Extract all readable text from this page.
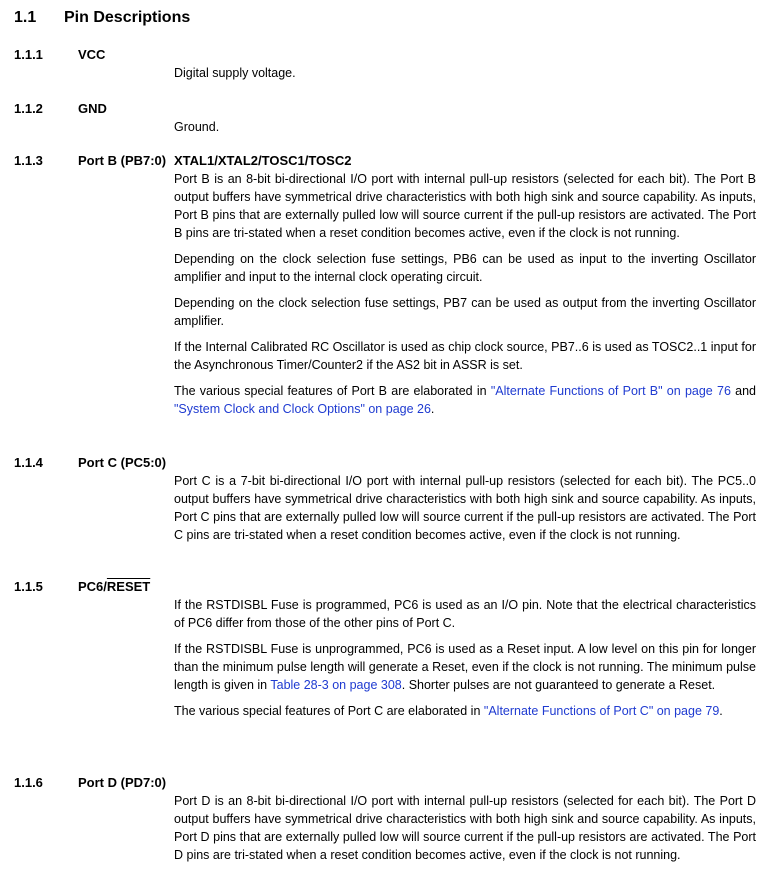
1.1 Pin Descriptions
1.1.1	VCC

Digital supply voltage.

1.1.2	GND

Ground.

1.1.3	Port B (PB7:0) XTAL1/XTAL2/TOSC1/TOSC2

Port B is an 8-bit bi-directional I/O port with internal pull-up resistors (selected for each bit). The Port B output buffers have symmetrical drive characteristics with both high sink and source capability. As inputs, Port B pins that are externally pulled low will source current if the pull-up resistors are activated. The Port B pins are tri-stated when a reset condition becomes active, even if the clock is not running.

Depending on the clock selection fuse settings, PB6 can be used as input to the inverting Oscillator amplifier and input to the internal clock operating circuit.

Depending on the clock selection fuse settings, PB7 can be used as output from the inverting Oscillator amplifier.

If the Internal Calibrated RC Oscillator is used as chip clock source, PB7..6 is used as TOSC2..1 input for the Asynchronous Timer/Counter2 if the AS2 bit in ASSR is set.

The various special features of Port B are elaborated in "Alternate Functions of Port B" on page 76 and "System Clock and Clock Options" on page 26.

1.1.4	Port C (PC5:0)

Port C is a 7-bit bi-directional I/O port with internal pull-up resistors (selected for each bit). The PC5..0 output buffers have symmetrical drive characteristics with both high sink and source capability. As inputs, Port C pins that are externally pulled low will source current if the pull-up resistors are activated. The Port C pins are tri-stated when a reset condition becomes active, even if the clock is not running.

1.1.5	PC6/RESET

If the RSTDISBL Fuse is programmed, PC6 is used as an I/O pin. Note that the electrical characteristics of PC6 differ from those of the other pins of Port C.

If the RSTDISBL Fuse is unprogrammed, PC6 is used as a Reset input. A low level on this pin for longer than the minimum pulse length will generate a Reset, even if the clock is not running. The minimum pulse length is given in Table 28-3 on page 308. Shorter pulses are not guaranteed to generate a Reset.

The various special features of Port C are elaborated in "Alternate Functions of Port C" on page 79.

1.1.6	Port D (PD7:0)

Port D is an 8-bit bi-directional I/O port with internal pull-up resistors (selected for each bit). The Port D output buffers have symmetrical drive characteristics with both high sink and source capability. As inputs, Port D pins that are externally pulled low will source current if the pull-up resistors are activated. The Port D pins are tri-stated when a reset condition becomes active, even if the clock is not running.
